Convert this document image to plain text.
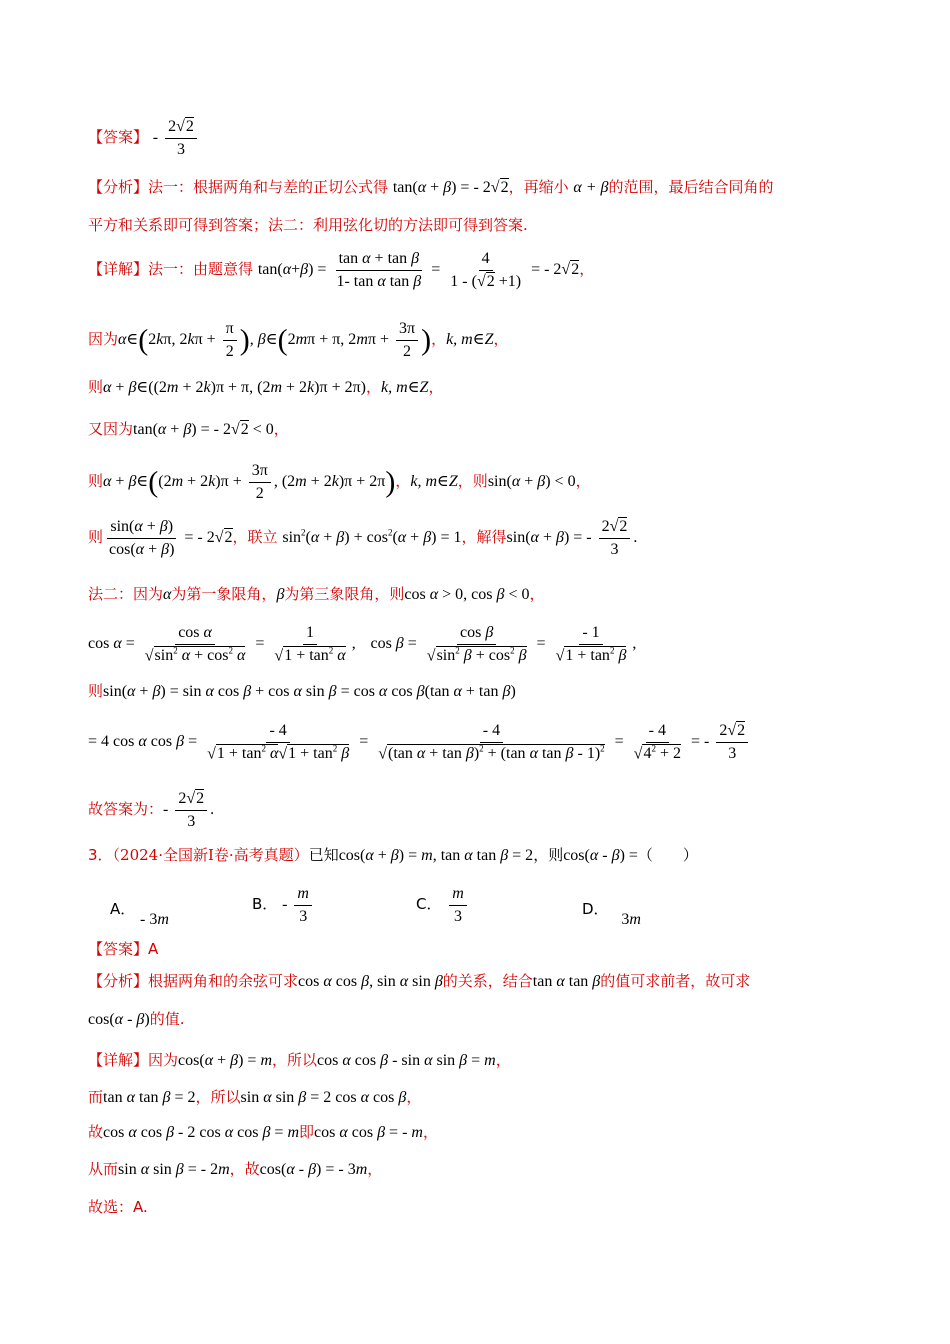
【答案】 - $\frac{2√2}{3}$
【分析】法一：根据两角和与差的正切公式得 tan(α + β) = - 2√2，再缩小 α + β的范围，最后结合同角的
平方和关系即可得到答案；法二：利用弦化切的方法即可得到答案.
【详解】法一：由题意得 $\tan(\alpha+\beta) = \frac{\text{tan α + tan β}}{\text{1- tan α tan β}} = \frac{4}{1 - (√2 +1)}$ = - 2√2，
因为α∈(2kπ, $2k\pi + \frac{\pi}{2}$ ), β∈(2mπ + π, $2m\pi + \frac{3\pi}{2}$ )，k, m∈Z，
则α + β∈((2m + 2k)π + π, (2m + 2k)π + 2π)，k, m∈Z，
又因为tan(α + β) = - 2√2 < 0，
则α + β∈((2m + $2k)\pi + \frac{3\pi}{2}$ , (2m + 2k)π + 2π)，k, m∈Z，则sin(α + β) < 0，
则 $\frac{\sin(\alpha + \beta)}{\cos(\alpha + \beta)}$ = - 2√2，联立 $\sin^2(\alpha + \beta) + \cos^2(\alpha + \beta) = 1$，解得sin(α + β) = - $\frac{2√2}{3}$ .
法二：因为α为第一象限角，β为第三象限角，则cos α > 0, cos β < 0，
$\cos \alpha = \frac{\text{cos α}}{√\sin^2 \alpha + \cos^2 \alpha} = \frac{1}{√1 + \tan^2 \alpha}$ , $\cos \beta = \frac{\text{cos β}}{√\sin^2 \beta + \cos^2 \beta} = \frac{- 1}{√1 + \tan^2 \beta}$ ,
则sin(α + β) = sin α cos β + cos α sin β = cos α cos β(tan α + tan β)
= 4 cos α $\cos \beta = \frac{- 4}{√1 + \tan^2 \alpha√1 + \tan^2 \beta} = \frac{- 4}{√(\tan \alpha + \tan \beta)^2 + (\tan \alpha \tan \beta - 1)^2} = \frac{- 4}{√4^2 + 2}$ = - $\frac{2√2}{3}$
故答案为：- $\frac{2√2}{3}$ .
3．（2024·全国新Ⅰ卷·高考真题）已知cos(α + β) = m, tan α tan β = 2，则cos(α - β) =（　　）
A． - 3m
B． - $\frac{m}{3}$	C． $\frac{m}{3}$	D． 3m
【答案】A
【分析】根据两角和的余弦可求cos α cos β, sin α sin β的关系，结合tan α tan β的值可求前者，故可求
cos(α - β)的值.
【详解】因为cos(α + β) = m，所以cos α cos β - sin α sin β = m，
而tan α tan β = 2，所以sin α sin β = 2 cos α cos β，
故cos α cos β - 2 cos α cos β = m即cos α cos β = - m，
从而sin α sin β = - 2m，故cos(α - β) = - 3m，
故选：A.
